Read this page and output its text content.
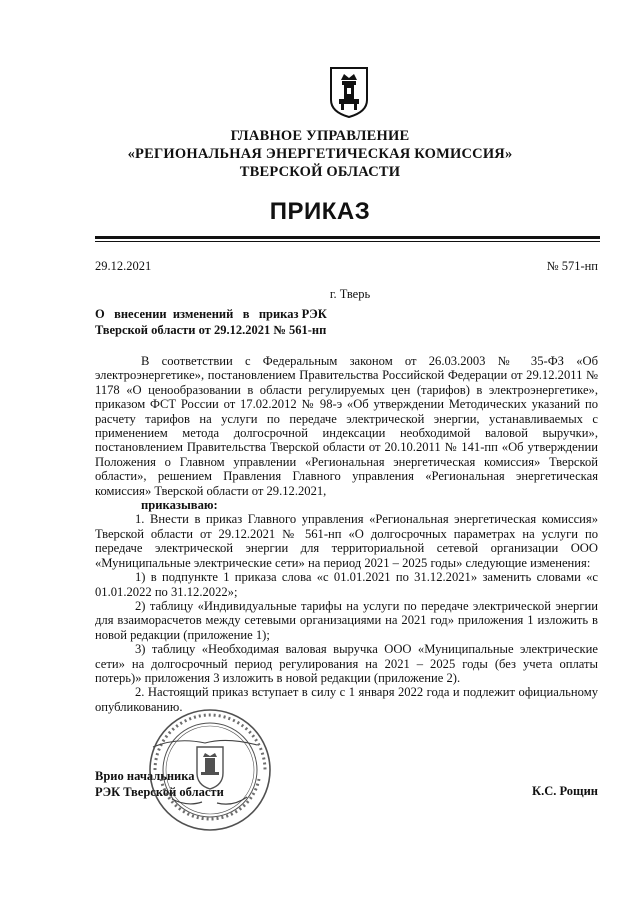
ГЛАВНОЕ УПРАВЛЕНИЕ
«РЕГИОНАЛЬНАЯ ЭНЕРГЕТИЧЕСКАЯ КОМИССИЯ»
ТВЕРСКОЙ ОБЛАСТИ
ПРИКАЗ
29.12.2021	№ 571-нп
г. Тверь
О   внесении  изменений   в   приказ РЭК
Тверской области от 29.12.2021 № 561-нп

В соответствии с Федеральным законом от 26.03.2003 № 35-ФЗ «Об электроэнергетике», постановлением Правительства Российской Федерации от 29.12.2011 № 1178 «О ценообразовании в области регулируемых цен (тарифов) в электроэнергетике», приказом ФСТ России от 17.02.2012 № 98-э «Об утверждении Методических указаний по расчету тарифов на услуги по передаче электрической энергии, устанавливаемых с применением метода долгосрочной индексации необходимой валовой выручки», постановлением Правительства Тверской области от 20.10.2011 № 141-пп «Об утверждении Положения о Главном управлении «Региональная энергетическая комиссия» Тверской области», решением Правления Главного управления «Региональная энергетическая комиссия» Тверской области от 29.12.2021,

приказываю:

1. Внести в приказ Главного управления «Региональная энергетическая комиссия» Тверской области от 29.12.2021 № 561-нп «О долгосрочных параметрах на услуги по передаче электрической энергии для территориальной сетевой организации ООО «Муниципальные электрические сети» на период 2021 – 2025 годы» следующие изменения:

1) в подпункте 1 приказа слова «с 01.01.2021 по 31.12.2021» заменить словами «с 01.01.2022 по 31.12.2022»;

2) таблицу «Индивидуальные тарифы на услуги по передаче электрической энергии для взаиморасчетов между сетевыми организациями на 2021 год» приложения 1 изложить в новой редакции (приложение 1);

3) таблицу «Необходимая валовая выручка ООО «Муниципальные электрические сети» на долгосрочный период регулирования на 2021 – 2025 годы (без учета оплаты потерь)» приложения 3 изложить в новой редакции (приложение 2).

2. Настоящий приказ вступает в силу с 1 января 2022 года и подлежит официальному опубликованию.

Врио начальника
РЭК Тверской области	К.С. Рощин
